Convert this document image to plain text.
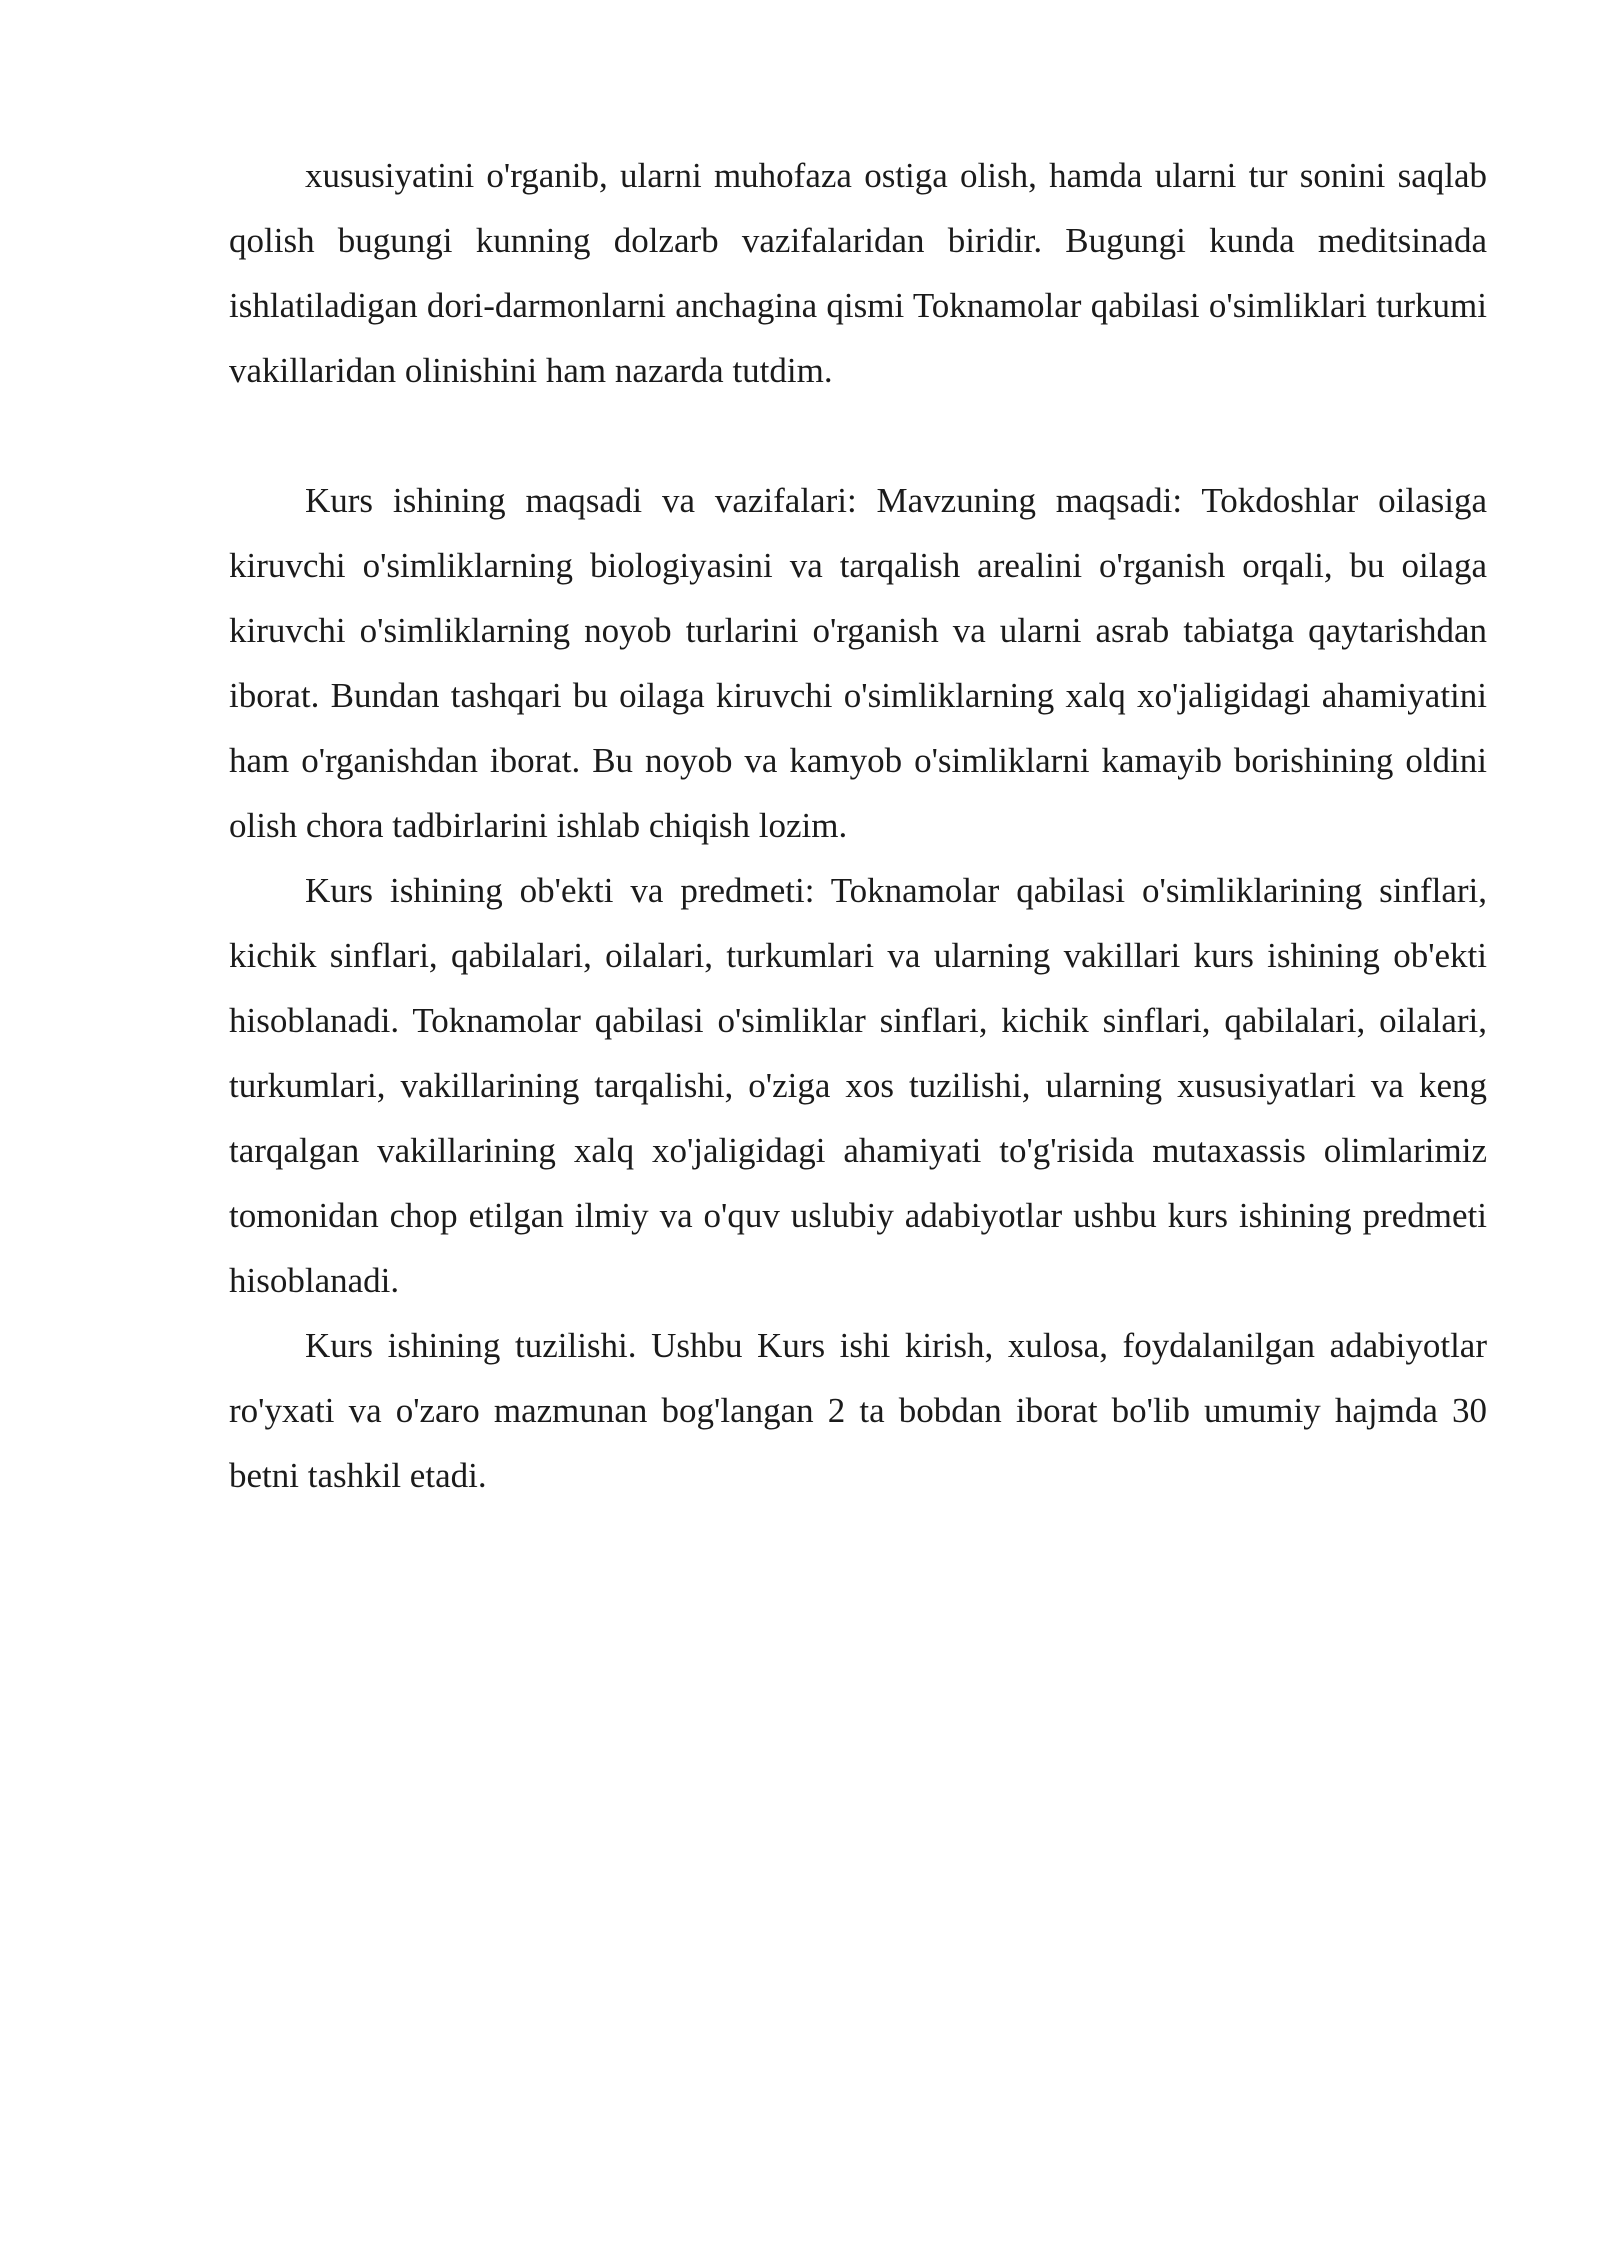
xususiyatini o'rganib, ularni muhofaza ostiga olish, hamda ularni tur sonini saqlab qolish bugungi kunning dolzarb vazifalaridan biridir. Bugungi kunda meditsinada ishlatiladigan dori-darmonlarni anchagina qismi Toknamolar qabilasi o'simliklari turkumi vakillaridan olinishini ham nazarda tutdim.

Kurs ishining maqsadi va vazifalari: Mavzuning maqsadi: Tokdoshlar oilasiga kiruvchi o'simliklarning biologiyasini va tarqalish arealini o'rganish orqali, bu oilaga kiruvchi o'simliklarning noyob turlarini o'rganish va ularni asrab tabiatga qaytarishdan iborat. Bundan tashqari bu oilaga kiruvchi o'simliklarning xalq xo'jaligidagi ahamiyatini ham o'rganishdan iborat. Bu noyob va kamyob o'simliklarni kamayib borishining oldini olish chora tadbirlarini ishlab chiqish lozim.

Kurs ishining ob'ekti va predmeti: Toknamolar qabilasi o'simliklarining sinflari, kichik sinflari, qabilalari, oilalari, turkumlari va ularning vakillari kurs ishining ob'ekti hisoblanadi. Toknamolar qabilasi o'simliklar sinflari, kichik sinflari, qabilalari, oilalari, turkumlari, vakillarining tarqalishi, o'ziga xos tuzilishi, ularning xususiyatlari va keng tarqalgan vakillarining xalq xo'jaligidagi ahamiyati to'g'risida mutaxassis olimlarimiz tomonidan chop etilgan ilmiy va o'quv uslubiy adabiyotlar ushbu kurs ishining predmeti hisoblanadi.

Kurs ishining tuzilishi. Ushbu Kurs ishi kirish, xulosa, foydalanilgan adabiyotlar ro'yxati va o'zaro mazmunan bog'langan 2 ta bobdan iborat bo'lib umumiy hajmda 30 betni tashkil etadi.
